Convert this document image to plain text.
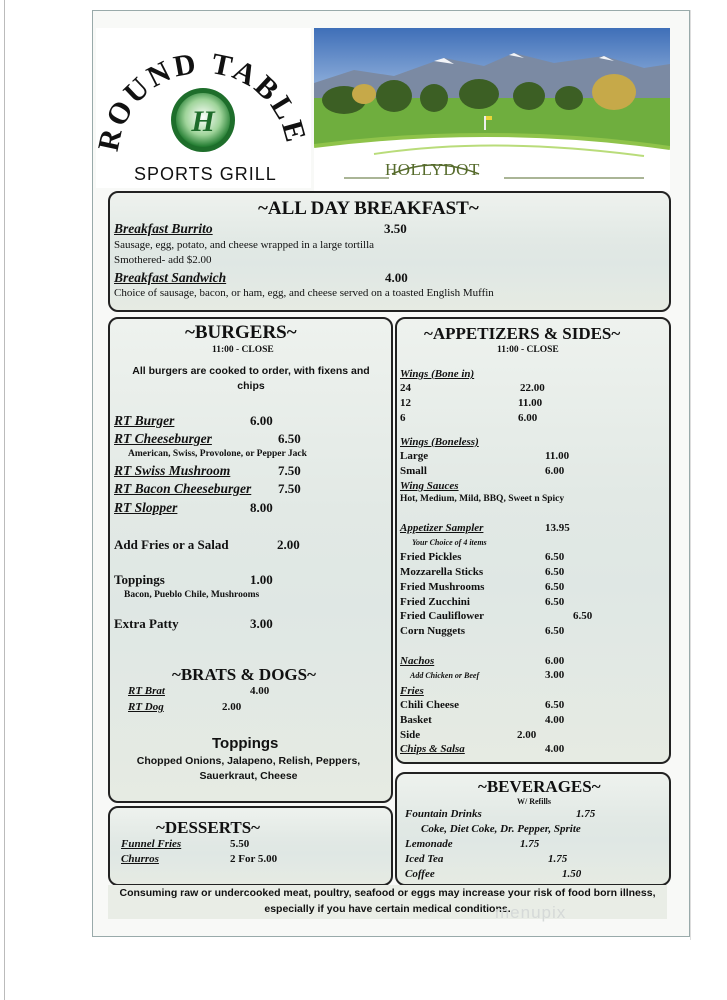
OUND TABLE
H
SPORTS GRILL	HOLLYDOT
~ALL DAY BREAKFAST~
Breakfast Burrito	3.50
Sausage, egg, potato, and cheese wrapped in a large tortilla
Smothered- add $2.00
Breakfast Sandwich	4.00
Choice of sausage, bacon, or ham, egg, and cheese served on a toasted English Muffin
~BURGERS~
11:00 - CLOSE
All burgers are cooked to order, with fixens and chips
RT Burger	6.00
RT Cheeseburger	6.50
American, Swiss, Provolone, or Pepper Jack
RT Swiss Mushroom	7.50
RT Bacon Cheeseburger 7.50
RT Slopper	8.00
Add Fries or a Salad	2.00
Toppings	1.00
Bacon, Pueblo Chile, Mushrooms
Extra Patty	3.00
~BRATS & DOGS~
RT Brat	4.00
RT Dog	2.00
Toppings
Chopped Onions, Jalapeno, Relish, Peppers,
Sauerkraut, Cheese
~APPETIZERS & SIDES~
11:00 - CLOSE
Wings (Bone in)
24	22.00
12	11.00
6	6.00
Wings (Boneless)
Large	11.00
Small	6.00
Wing Sauces
Hot, Medium, Mild, BBQ, Sweet n Spicy
Appetizer Sampler	13.95
Your Choice of 4 items
Fried Pickles	6.50
Mozzarella Sticks	6.50
Fried Mushrooms	6.50
Fried Zucchini	6.50
Fried Cauliflower	6.50
Corn Nuggets	6.50
Nachos	6.00
Add Chicken or Beef	3.00
Fries
Chili Cheese	6.50
Basket	4.00
Side	2.00
Chips & Salsa	4.00
~BEVERAGES~
W/ Refills
Fountain Drinks	1.75
Coke, Diet Coke, Dr. Pepper, Sprite
Lemonade	1.75
Iced Tea	1.75
Coffee	1.50
~DESSERTS~
Funnel Fries	5.50
Churros	2 For 5.00
Consuming raw or undercooked meat, poultry, seafood or eggs may increase your risk of food born illness,
especially if you have certain medical conditions.
menupix
